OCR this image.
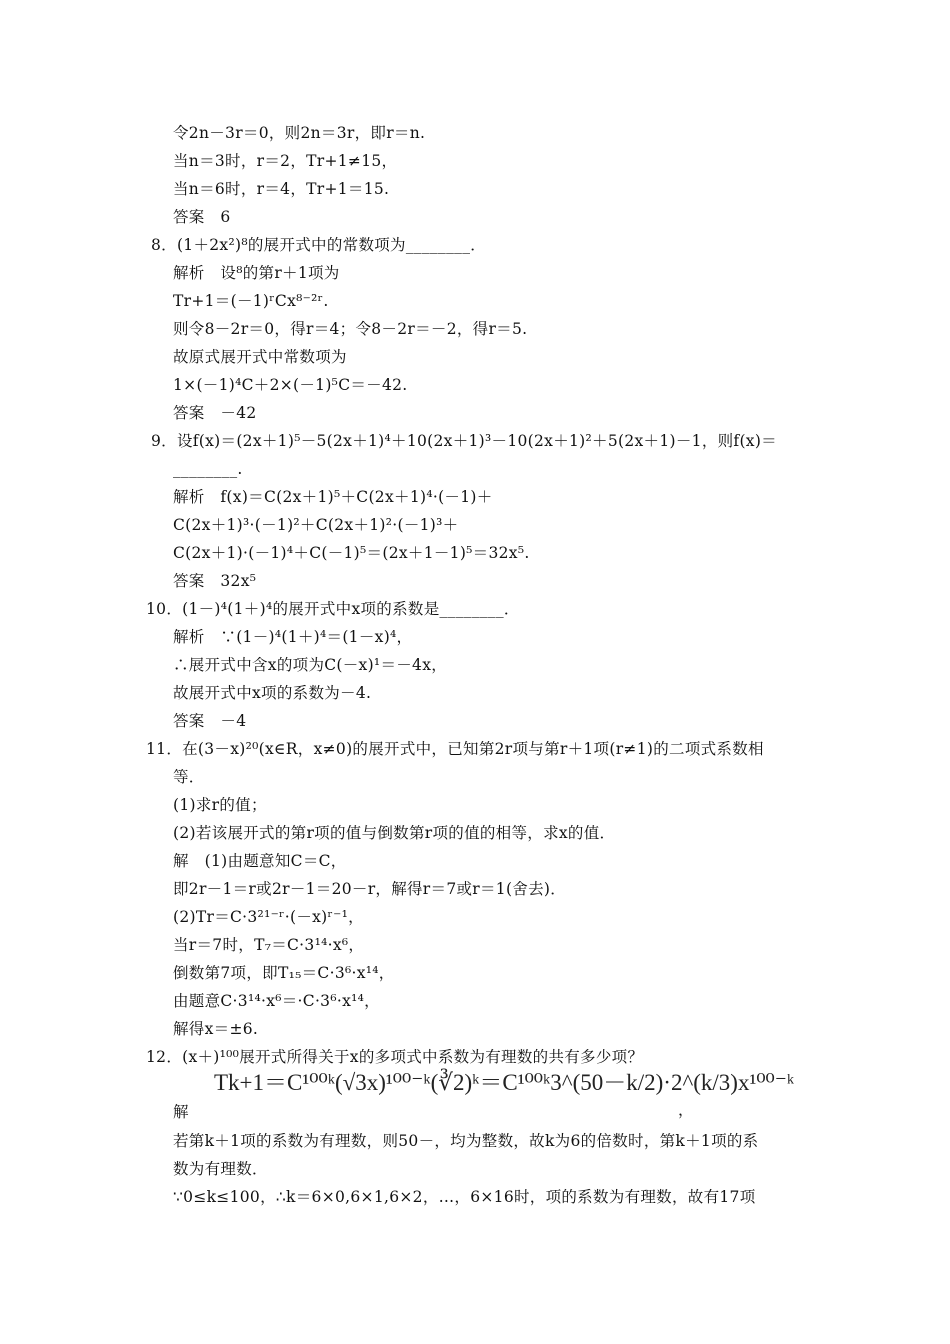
令2n－3r＝0，则2n＝3r，即r＝n.
当n＝3时，r＝2，Tr+1≠15，
当n＝6时，r＝4，Tr+1＝15.
答案　6
8．(1＋2x²)⁸的展开式中的常数项为________．
解析　设⁸的第r＋1项为
Tr+1＝(－1)ʳCx⁸⁻²ʳ.
则令8－2r＝0，得r＝4；令8－2r＝－2，得r＝5.
故原式展开式中常数项为
1×(－1)⁴C＋2×(－1)⁵C＝－42.
答案　－42
9．设f(x)＝(2x＋1)⁵－5(2x＋1)⁴＋10(2x＋1)³－10(2x＋1)²＋5(2x＋1)－1，则f(x)＝
________.
解析　f(x)＝C(2x＋1)⁵＋C(2x＋1)⁴·(－1)＋
C(2x＋1)³·(－1)²＋C(2x＋1)²·(－1)³＋
C(2x＋1)·(－1)⁴＋C(－1)⁵＝(2x＋1－1)⁵＝32x⁵.
答案　32x⁵
10．(1－)⁴(1＋)⁴的展开式中x项的系数是________．
解析　∵(1－)⁴(1＋)⁴＝(1－x)⁴，
∴展开式中含x的项为C(－x)¹＝－4x，
故展开式中x项的系数为－4.
答案　－4
11．在(3－x)²⁰(x∈R，x≠0)的展开式中，已知第2r项与第r＋1项(r≠1)的二项式系数相
等．
(1)求r的值；
(2)若该展开式的第r项的值与倒数第r项的值的相等，求x的值．
解　(1)由题意知C＝C，
即2r－1＝r或2r－1＝20－r，解得r＝7或r＝1(舍去)．
(2)Tr＝C·3²¹⁻ʳ·(－x)ʳ⁻¹，
当r＝7时，T₇＝C·3¹⁴·x⁶，
倒数第7项，即T₁₅＝C·3⁶·x¹⁴，
由题意C·3¹⁴·x⁶＝·C·3⁶·x¹⁴，
解得x＝±6.
12．(x＋)¹⁰⁰展开式所得关于x的多项式中系数为有理数的共有多少项？
Tk+1＝C¹⁰⁰ᵏ(√3x)¹⁰⁰⁻ᵏ(∛2)ᵏ＝C¹⁰⁰ᵏ3^(50－k/2)·2^(k/3)x¹⁰⁰⁻ᵏ
解	，
若第k＋1项的系数为有理数，则50－，均为整数，故k为6的倍数时，第k＋1项的系
数为有理数．
∵0≤k≤100，∴k＝6×0,6×1,6×2，…，6×16时，项的系数为有理数，故有17项
